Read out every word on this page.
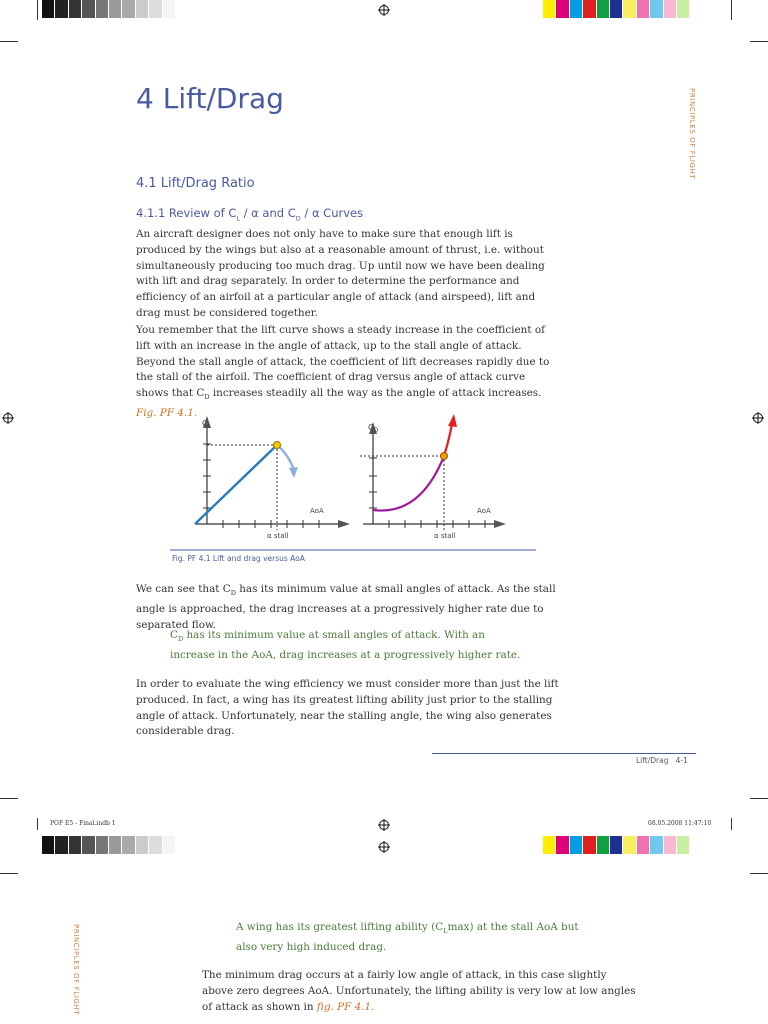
PRINCIPLES OF FLIGHT
4 Lift/Drag
4.1 Lift/Drag Ratio
4.1.1 Review of $C_L$ / α and $C_D$ / α Curves
An aircraft designer does not only have to make sure that enough lift is produced by the wings but also at a reasonable amount of thrust, i.e. without simultaneously producing too much drag. Up until now we have been dealing with lift and drag separately. In order to determine the performance and efficiency of an airfoil at a particular angle of attack (and airspeed), lift and drag must be considered together.
You remember that the lift curve shows a steady increase in the coefficient of lift with an increase in the angle of attack, up to the stall angle of attack. Beyond the stall angle of attack, the coefficient of lift decreases rapidly due to the stall of the airfoil. The coefficient of drag versus angle of attack curve shows that $C_D$ increases steadily all the way as the angle of attack increases. Fig. PF 4.1.
$C_L$
AoA
α stall
$C_D$
AoA
α stall
Fig. PF 4.1 Lift and drag versus AoA
We can see that $C_D$ has its minimum value at small angles of attack. As the stall angle is approached, the drag increases at a progressively higher rate due to separated flow.
$C_D$ has its minimum value at small angles of attack. With an increase in the AoA, drag increases at a progressively higher rate.
In order to evaluate the wing efficiency we must consider more than just the lift produced. In fact, a wing has its greatest lifting ability just prior to the stalling angle of attack. Unfortunately, near the stalling angle, the wing also generates considerable drag.
Lift/Drag 4-1
POF E5 - Final.indb 1	08.05.2008 11:47:10
PRINCIPLES OF FLIGHT	A wing has its greatest lifting ability $(C_L\max)$ at the stall AoA but also very high induced drag.
The minimum drag occurs at a fairly low angle of attack, in this case slightly above zero degrees AoA. Unfortunately, the lifting ability is very low at low angles of attack as shown in fig. PF 4.1.
